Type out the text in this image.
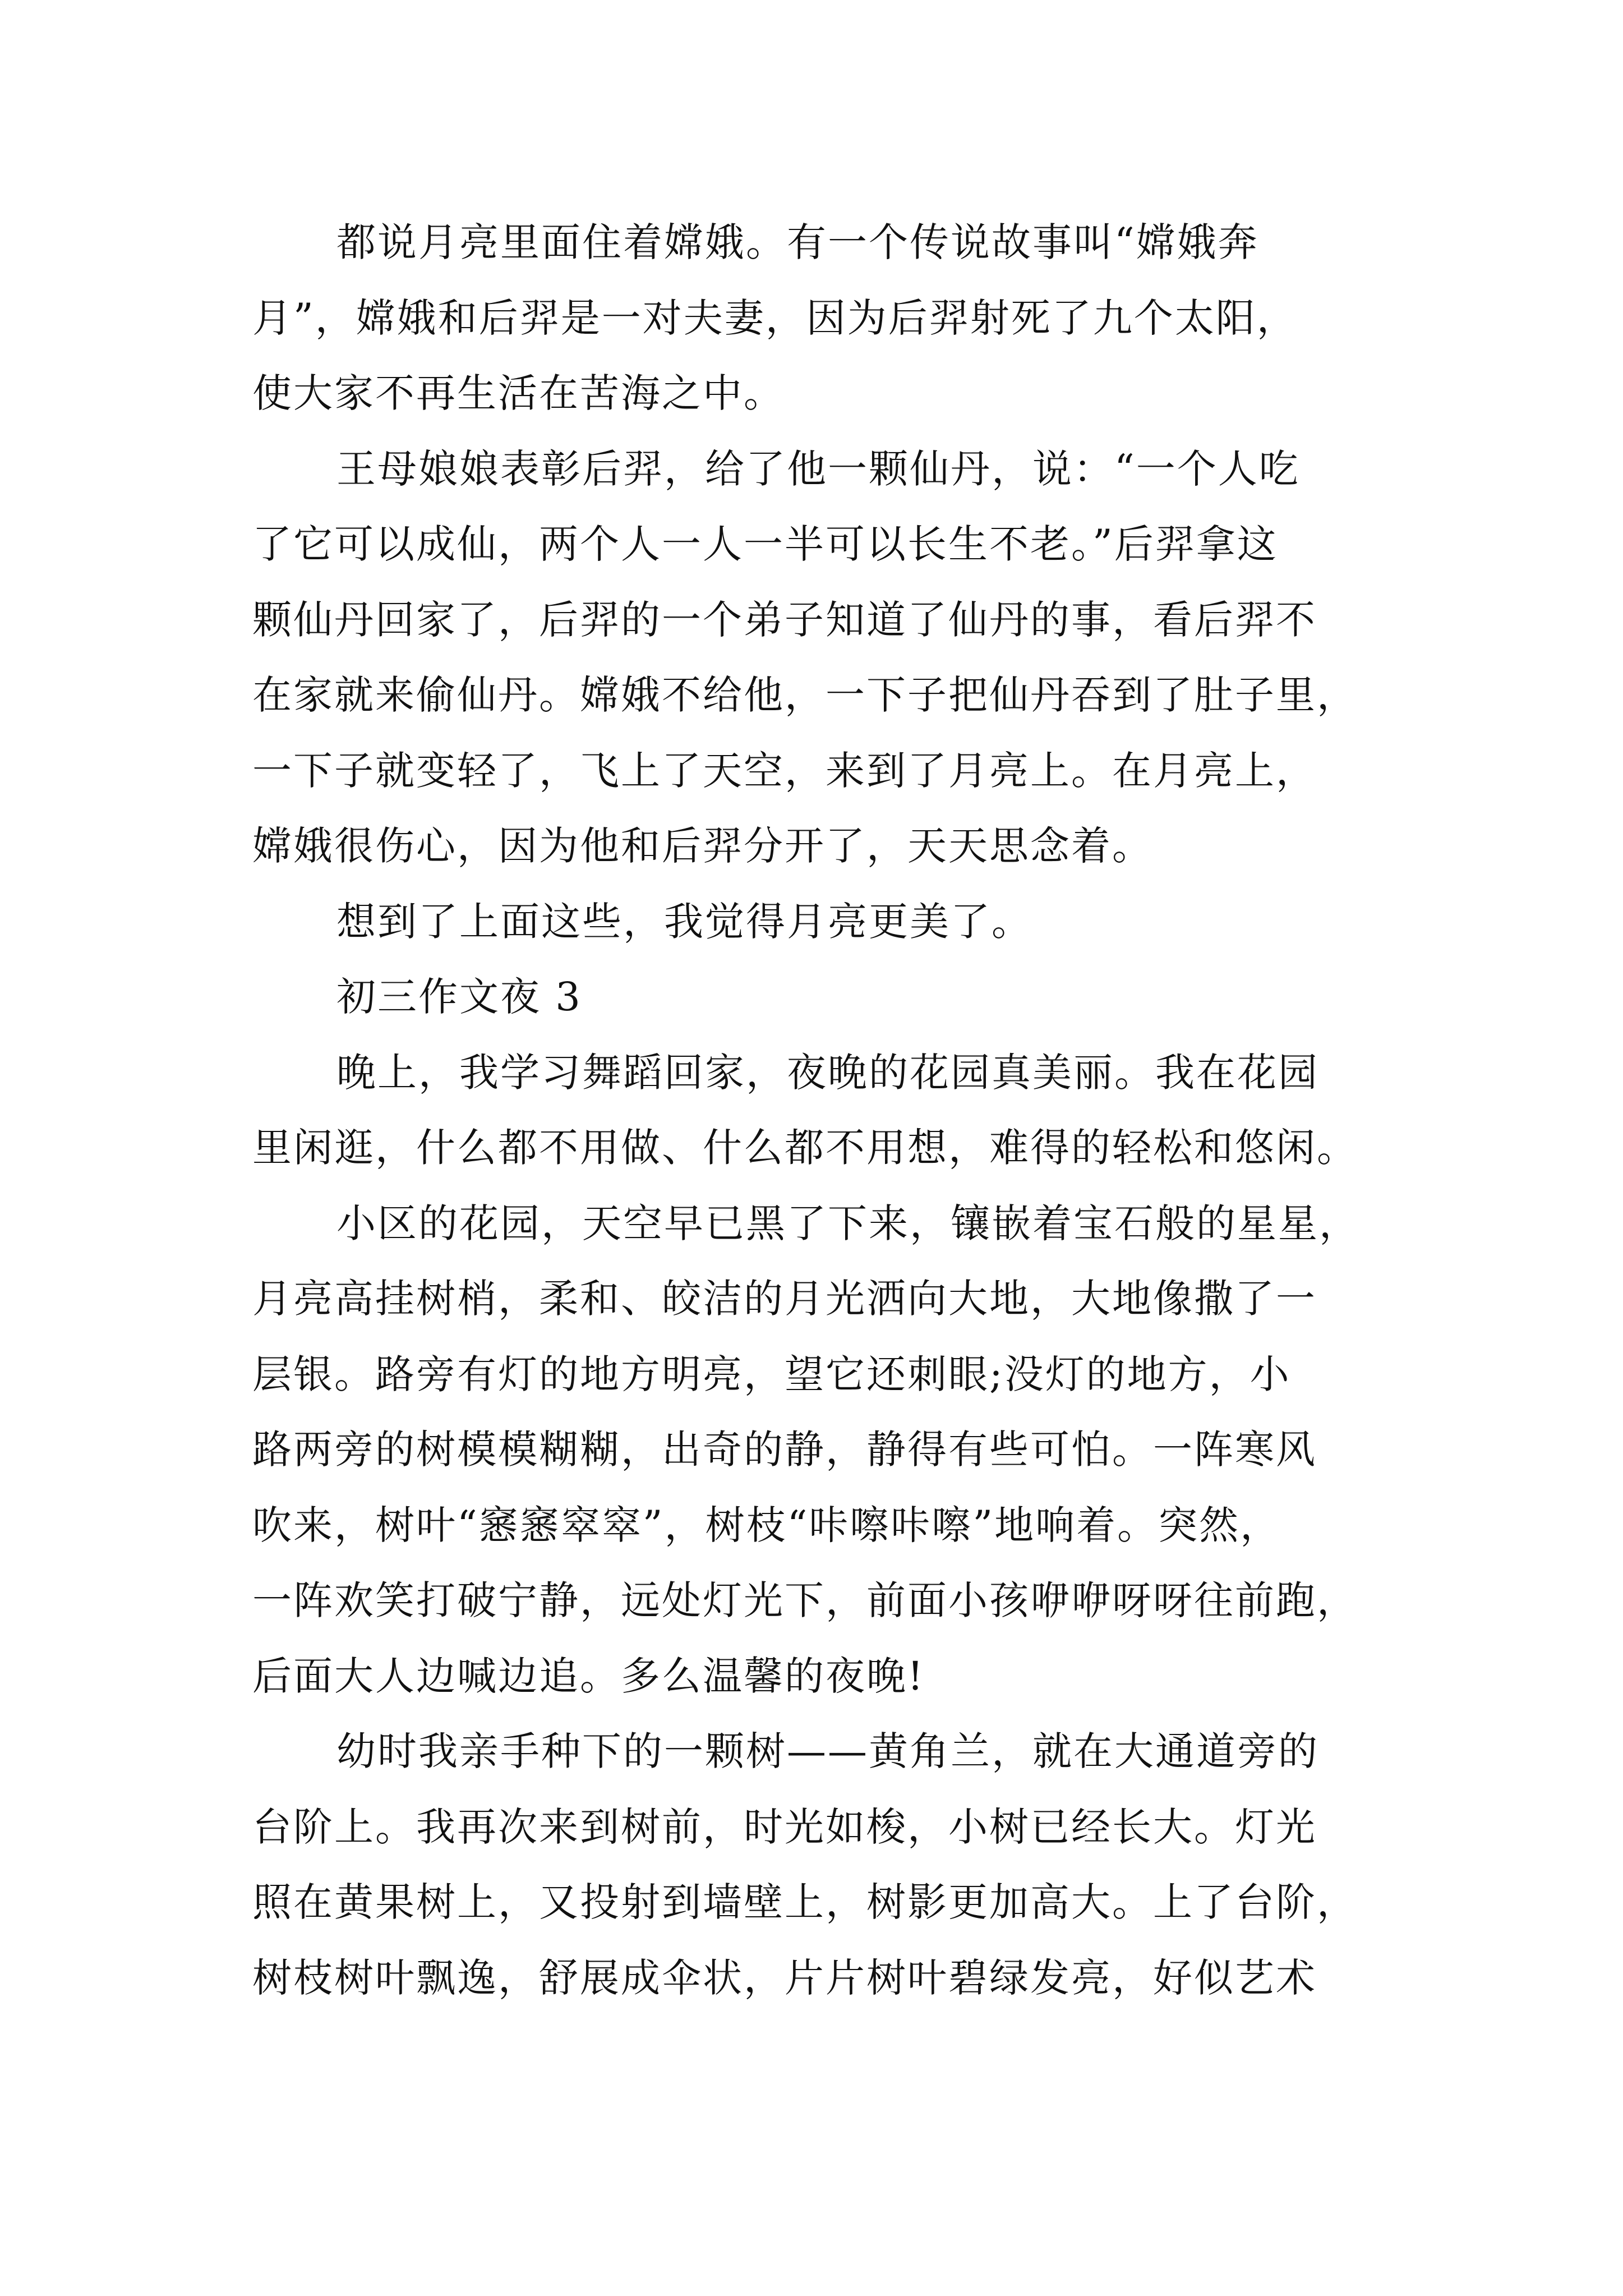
都说月亮里面住着嫦娥。有一个传说故事叫“嫦娥奔
月”，嫦娥和后羿是一对夫妻，因为后羿射死了九个太阳，
使大家不再生活在苦海之中。
王母娘娘表彰后羿，给了他一颗仙丹，说：“一个人吃
了它可以成仙，两个人一人一半可以长生不老。”后羿拿这
颗仙丹回家了，后羿的一个弟子知道了仙丹的事，看后羿不
在家就来偷仙丹。嫦娥不给他，一下子把仙丹吞到了肚子里，
一下子就变轻了，飞上了天空，来到了月亮上。在月亮上，
嫦娥很伤心，因为他和后羿分开了，天天思念着。
想到了上面这些，我觉得月亮更美了。
初三作文夜 3
晚上，我学习舞蹈回家，夜晚的花园真美丽。我在花园
里闲逛，什么都不用做、什么都不用想，难得的轻松和悠闲。
小区的花园，天空早已黑了下来，镶嵌着宝石般的星星，
月亮高挂树梢，柔和、皎洁的月光洒向大地，大地像撒了一
层银。路旁有灯的地方明亮，望它还刺眼;没灯的地方，小
路两旁的树模模糊糊，出奇的静，静得有些可怕。一阵寒风
吹来，树叶“窸窸窣窣”，树枝“咔嚓咔嚓”地响着。突然，
一阵欢笑打破宁静，远处灯光下，前面小孩咿咿呀呀往前跑，
后面大人边喊边追。多么温馨的夜晚!
幼时我亲手种下的一颗树——黄角兰，就在大通道旁的
台阶上。我再次来到树前，时光如梭，小树已经长大。灯光
照在黄果树上，又投射到墙壁上，树影更加高大。上了台阶，
树枝树叶飘逸，舒展成伞状，片片树叶碧绿发亮，好似艺术
